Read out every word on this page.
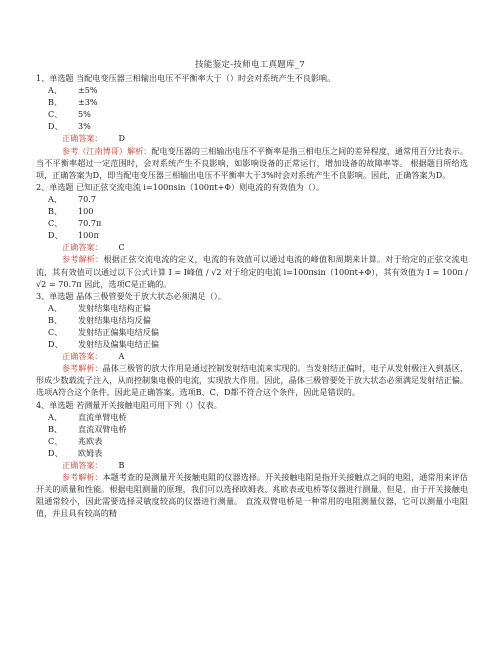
技能鉴定-技师电工真题库_7
1、单选题 当配电变压器三相输出电压不平衡率大于（）时会对系统产生不良影响。
A、 ±5%
B、 ±3%
C、 5%
D、 3%
正确答案： D
参考（江南博哥）解析：配电变压器的三相输出电压不平衡率是指三相电压之间的差异程度，通常用百分比表示。当不平衡率超过一定范围时，会对系统产生不良影响，如影响设备的正常运行，增加设备的故障率等。 根据题目所给选项，正确答案为D，即当配电变压器三相输出电压不平衡率大于3%时会对系统产生不良影响。因此，正确答案为D。
2、单选题 已知正弦交流电流 i=100πsin（100πt+Φ）则电流的有效值为（）。
A、 70.7
B、 100
C、 70.7π
D、 100π
正确答案： C
参考解析：根据正弦交流电流的定义，电流的有效值可以通过电流的峰值和周期来计算。对于给定的正弦交流电流，其有效值可以通过以下公式计算 I = I峰值 / √2 对于给定的电流 i=100πsin（100πt+Φ），其有效值为 I = 100π / √2 = 70.7π 因此，选项C是正确的。
3、单选题 晶体三极管要处于放大状态必须满足（）。
A、 发射结集电结构正偏
B、 发射结集电结均反偏
C、 发射结正偏集电结反偏
D、 发射结及偏集电结正偏
正确答案： A
参考解析：晶体三极管的放大作用是通过控制发射结电流来实现的。当发射结正偏时，电子从发射极注入到基区，形成少数载流子注入，从而控制集电极的电流，实现放大作用。因此，晶体三极管要处于放大状态必须满足发射结正偏。选项A符合这个条件，因此是正确答案。选项B、C、D都不符合这个条件，因此是错误的。
4、单选题 若测量开关接触电阻可用下列（）仪表。
A、 直流单臂电桥
B、 直流双臂电桥
C、 兆欧表
D、 欧姆表
正确答案： B
参考解析：本题考查的是测量开关接触电阻的仪器选择。开关接触电阻是指开关接触点之间的电阻，通常用来评估开关的质量和性能。根据电阻测量的原理，我们可以选择欧姆表、兆欧表或电桥等仪器进行测量。但是，由于开关接触电阻通常较小，因此需要选择灵敏度较高的仪器进行测量。 直流双臂电桥是一种常用的电阻测量仪器，它可以测量小电阻值，并且具有较高的精
